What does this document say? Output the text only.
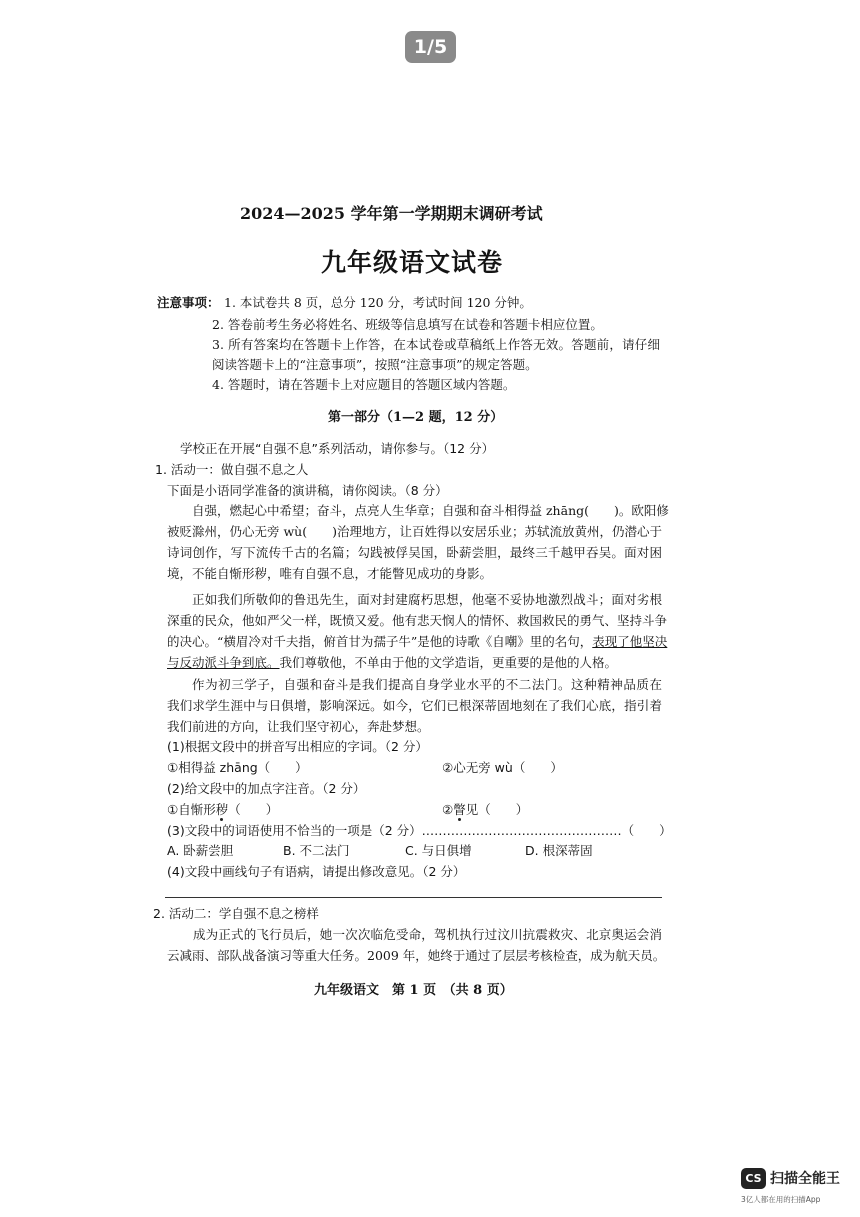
1/5
2024—2025 学年第一学期期末调研考试
九年级语文试卷
注意事项： 1. 本试卷共 8 页，总分 120 分，考试时间 120 分钟。
2. 答卷前考生务必将姓名、班级等信息填写在试卷和答题卡相应位置。
3. 所有答案均在答题卡上作答，在本试卷或草稿纸上作答无效。答题前，请仔细
阅读答题卡上的“注意事项”，按照“注意事项”的规定答题。
4. 答题时，请在答题卡上对应题目的答题区域内答题。
第一部分（1—2 题，12 分）
学校正在开展“自强不息”系列活动，请你参与。（12 分）
1. 活动一：做自强不息之人
下面是小语同学准备的演讲稿，请你阅读。（8 分）
自强，燃起心中希望；奋斗，点亮人生华章；自强和奋斗相得益 zhāng(　　)。欧阳修
被贬滁州，仍心无旁 wù(　　)治理地方，让百姓得以安居乐业；苏轼流放黄州，仍潜心于
诗词创作，写下流传千古的名篇；勾践被俘吴国，卧薪尝胆，最终三千越甲吞吴。面对困
境，不能自惭形秽，唯有自强不息，才能瞥见成功的身影。
正如我们所敬仰的鲁迅先生，面对封建腐朽思想，他毫不妥协地激烈战斗；面对劣根
深重的民众，他如严父一样，既愤又爱。他有悲天悯人的情怀、救国救民的勇气、坚持斗争
的决心。“横眉冷对千夫指，俯首甘为孺子牛”是他的诗歌《自嘲》里的名句，表现了他坚决
与反动派斗争到底。我们尊敬他，不单由于他的文学造诣，更重要的是他的人格。
作为初三学子，自强和奋斗是我们提高自身学业水平的不二法门。这种精神品质在
我们求学生涯中与日俱增，影响深远。如今，它们已根深蒂固地刻在了我们心底，指引着
我们前进的方向，让我们坚守初心，奔赴梦想。
(1)根据文段中的拼音写出相应的字词。（2 分）
①相得益 zhāng（　　）	②心无旁 wù（　　）
(2)给文段中的加点字注音。（2 分）
①自惭形秽（　　）	②瞥见（　　）
(3)文段中的词语使用不恰当的一项是（2 分）…………………………………………（　　）
A. 卧薪尝胆	B. 不二法门	C. 与日俱增	D. 根深蒂固
(4)文段中画线句子有语病，请提出修改意见。（2 分）
2. 活动二：学自强不息之榜样
成为正式的飞行员后，她一次次临危受命，驾机执行过汶川抗震救灾、北京奥运会消
云减雨、部队战备演习等重大任务。2009 年，她终于通过了层层考核检查，成为航天员。
九年级语文　第 1 页　（共 8 页）
CS 扫描全能王
3亿人都在用的扫描App
